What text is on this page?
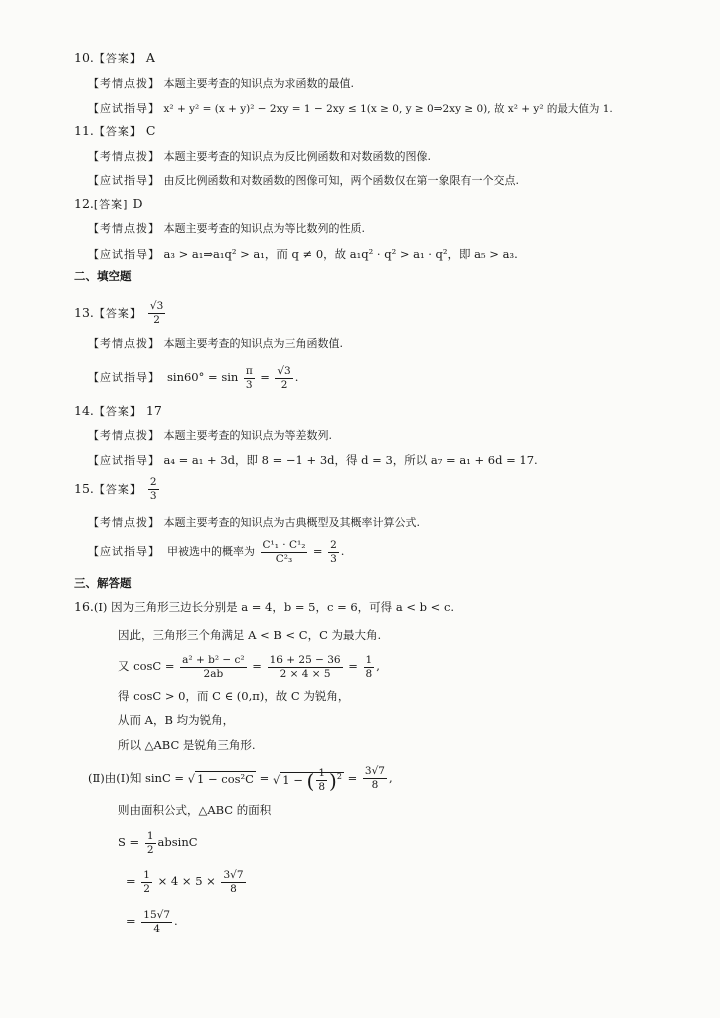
10.【答案】 A
【考情点拨】 本题主要考查的知识点为求函数的最值.
【应试指导】 x² + y² = (x + y)² − 2xy = 1 − 2xy ≤ 1(x ≥ 0, y ≥ 0⇒2xy ≥ 0), 故 x² + y² 的最大值为 1.
11.【答案】 C
【考情点拨】 本题主要考查的知识点为反比例函数和对数函数的图像.
【应试指导】 由反比例函数和对数函数的图像可知，两个函数仅在第一象限有一个交点.
12.[答案] D
【考情点拨】 本题主要考查的知识点为等比数列的性质.
【应试指导】 a₃ > a₁⇒a₁q² > a₁，而 q ≠ 0，故 a₁q² · q² > a₁ · q²，即 a₅ > a₃.
二、填空题
13.【答案】 $\frac{√3}{2}$
【考情点拨】 本题主要考查的知识点为三角函数值.
【应试指导】 $\sin 60^\circ = \sin \frac{\pi}{3} = \frac{√3}{2}$ .
14.【答案】 17
【考情点拨】 本题主要考查的知识点为等差数列.
【应试指导】 a₄ = a₁ + 3d，即 8 = −1 + 3d，得 d = 3，所以 a₇ = a₁ + 6d = 17.
15.【答案】 $\frac{2}{3}$
【考情点拨】 本题主要考查的知识点为古典概型及其概率计算公式.
【应试指导】 甲被选中的概率为 $\frac{\text{C¹₁ · C¹₂}}{\text{C²₃}} = \frac{2}{3}$ .
三、解答题
16.(Ⅰ) 因为三角形三边长分别是 a = 4，b = 5，c = 6，可得 a < b < c.
因此，三角形三个角满足 A < B < C，C 为最大角.
又 $\cos C = \frac{\text{a² + b² − c²}}{2ab} = \frac{16 + 25 - 36}{2 \times 4 \times 5} = \frac{1}{8}$ ,
得 cosC > 0，而 C ∈ (0,π)，故 C 为锐角，
从而 A，B 均为锐角，
所以 △ABC 是锐角三角形.
(Ⅱ)由(Ⅰ)知 sinC = √ 1 − cos²C = √ 1 − ( $\frac{1}{8} )^2 = \frac{3√7}{8}$ ,
则由面积公式，△ABC 的面积
$S = \frac{1}{2}$ absinC
= $\frac{1}{2} \times 4 \times 5 \times \frac{3√7}{8}$
= $\frac{15√7}{4}$ .
